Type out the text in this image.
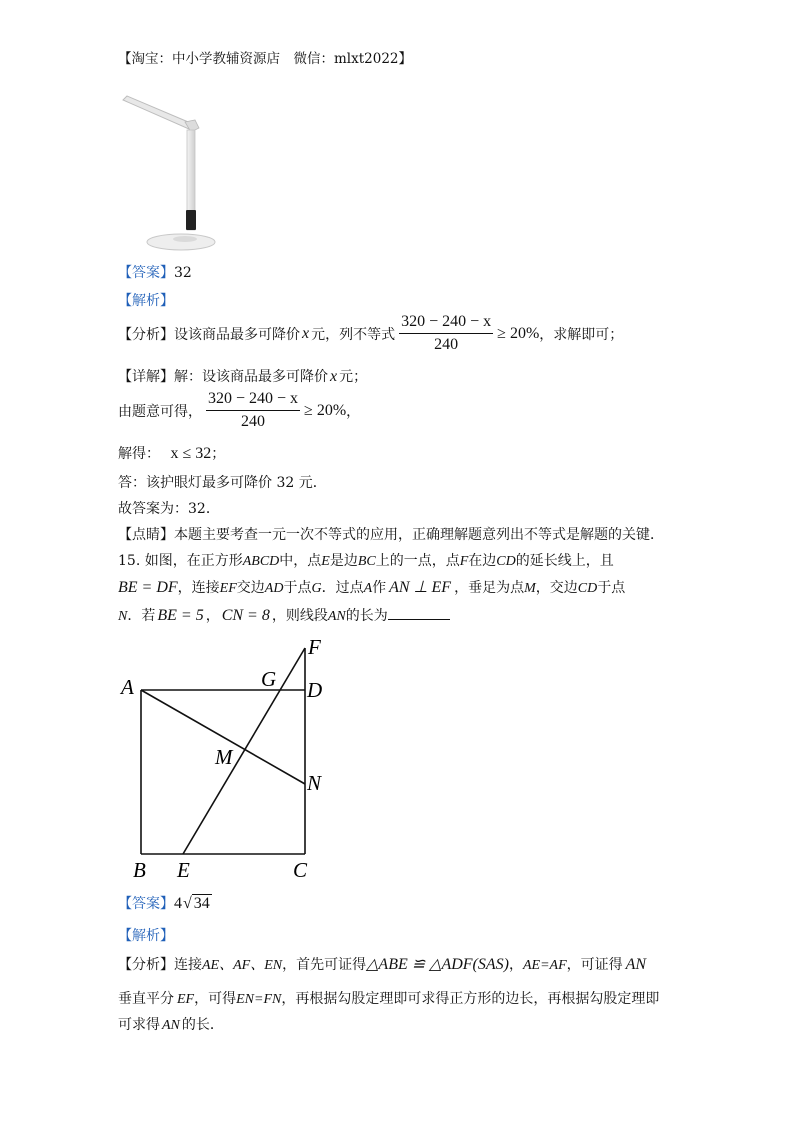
【淘宝：中小学教辅资源店　微信：mlxt2022】
【答案】32
【解析】
【分析】 设该商品最多可降价 x 元，列不等式 $\frac{320 - 240 - x}{240} \ge 20\%$ ，求解即可；
【详解】解：设该商品最多可降价 x 元；
由题意可得， $\frac{320 - 240 - x}{240} \ge 20\%$ ，
解得： x ≤ 32；
答：该护眼灯最多可降价 32 元．
故答案为：32．
【点睛】本题主要考查一元一次不等式的应用，正确理解题意列出不等式是解题的关键．
15. 如图，在正方形ABCD中，点E是边BC上的一点，点F在边CD的延长线上，且
BE = DF，连接EF交边AD于点G．过点A作 AN ⊥ EF ，垂足为点M，交边CD于点
N．若 BE = 5 ， CN = 8 ，则线段AN的长为
A
B	C
D
E
F
G
M
N
【答案】4√ 34
【解析】
【分析】连接AE、AF、EN，首先可证得△ABE ≌ △ADF(SAS)，AE=AF，可证得 AN
垂直平分 EF，可得EN=FN，再根据勾股定理即可求得正方形的边长，再根据勾股定理即
可求得 AN 的长．
